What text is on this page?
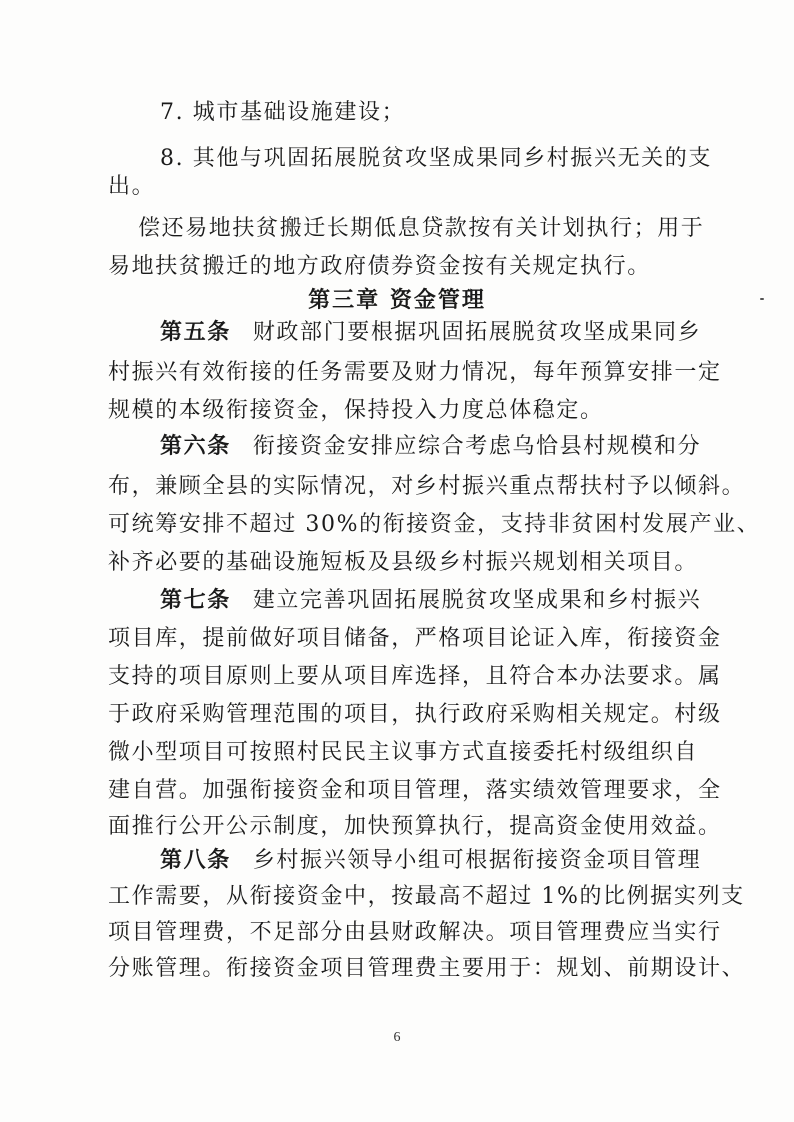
7. 城市基础设施建设；
8. 其他与巩固拓展脱贫攻坚成果同乡村振兴无关的支
出。
偿还易地扶贫搬迁长期低息贷款按有关计划执行；用于
易地扶贫搬迁的地方政府债券资金按有关规定执行。
第三章 资金管理
第五条 财政部门要根据巩固拓展脱贫攻坚成果同乡
村振兴有效衔接的任务需要及财力情况，每年预算安排一定
规模的本级衔接资金，保持投入力度总体稳定。
第六条 衔接资金安排应综合考虑乌恰县村规模和分
布，兼顾全县的实际情况，对乡村振兴重点帮扶村予以倾斜。
可统筹安排不超过 30%的衔接资金，支持非贫困村发展产业、
补齐必要的基础设施短板及县级乡村振兴规划相关项目。
第七条 建立完善巩固拓展脱贫攻坚成果和乡村振兴
项目库，提前做好项目储备，严格项目论证入库，衔接资金
支持的项目原则上要从项目库选择，且符合本办法要求。属
于政府采购管理范围的项目，执行政府采购相关规定。村级
微小型项目可按照村民民主议事方式直接委托村级组织自
建自营。加强衔接资金和项目管理，落实绩效管理要求，全
面推行公开公示制度，加快预算执行，提高资金使用效益。
第八条 乡村振兴领导小组可根据衔接资金项目管理
工作需要，从衔接资金中，按最高不超过 1%的比例据实列支
项目管理费，不足部分由县财政解决。项目管理费应当实行
分账管理。衔接资金项目管理费主要用于：规划、前期设计、
6
